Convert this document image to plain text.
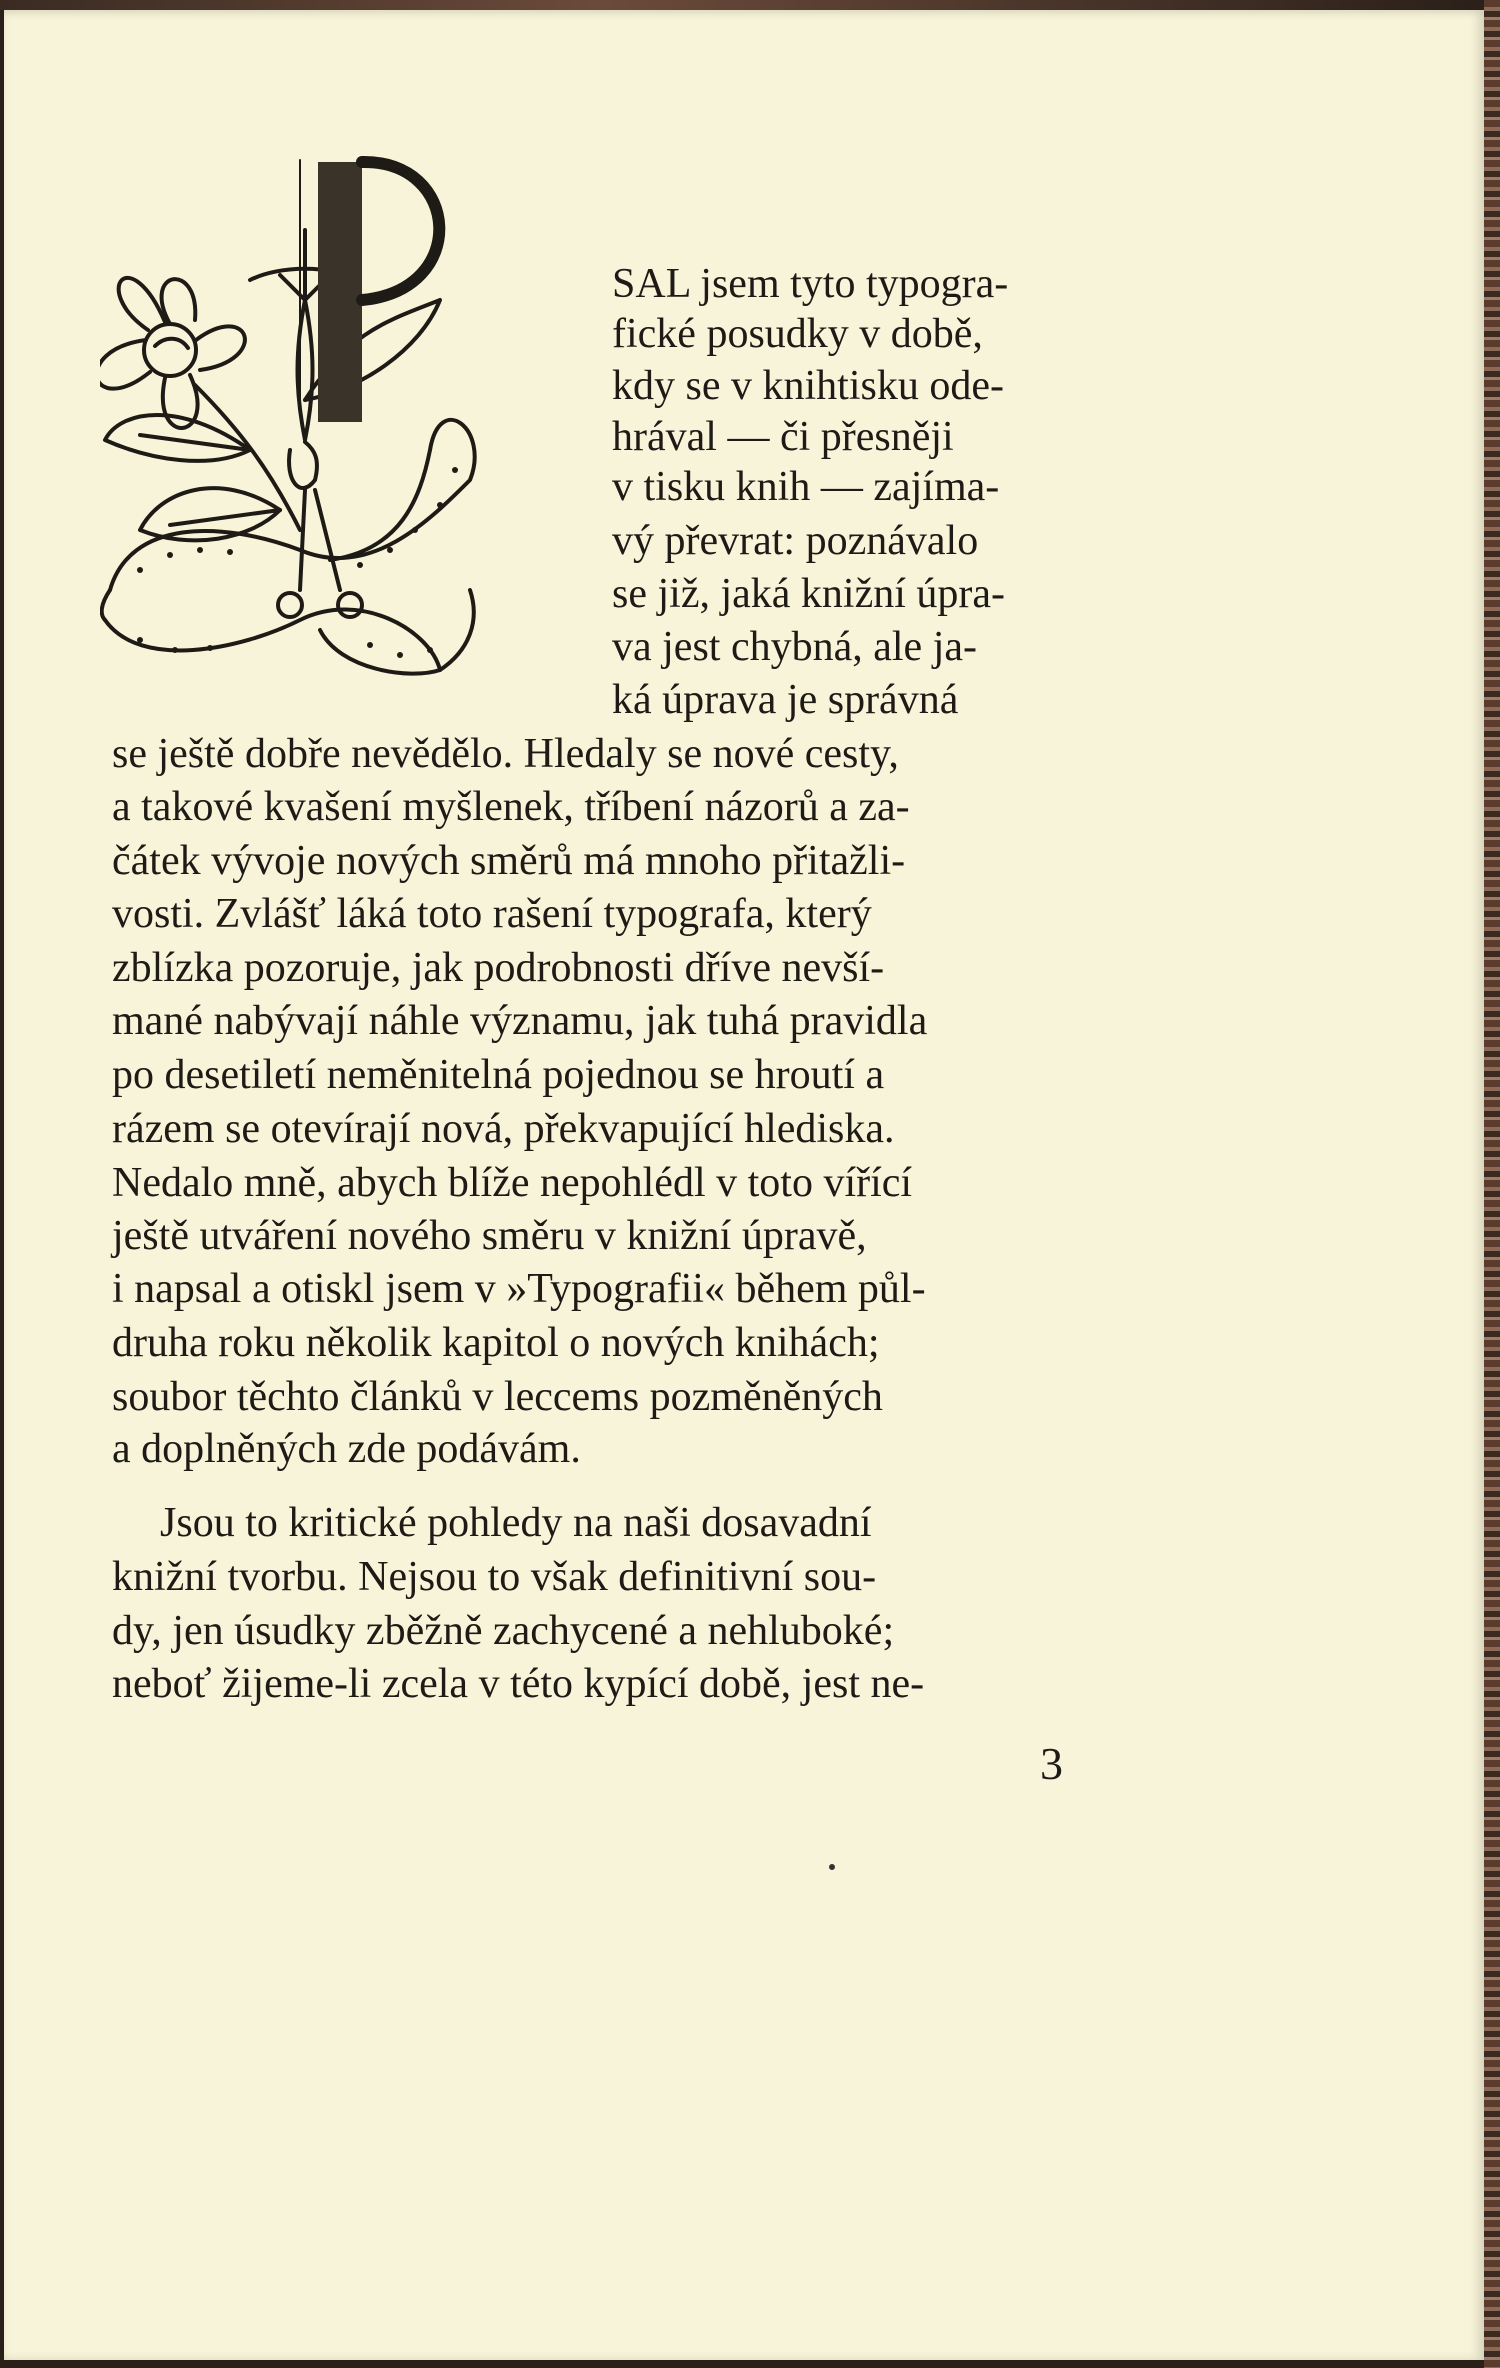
SAL jsem tyto typogra-
fické posudky v době,
kdy se v knihtisku ode-
hrával — či přesněji
v tisku knih — zajíma-
vý převrat: poznávalo
se již, jaká knižní úpra-
va jest chybná, ale ja-
ká úprava je správná
se ještě dobře nevědělo. Hledaly se nové cesty,
a takové kvašení myšlenek, tříbení názorů a za-
čátek vývoje nových směrů má mnoho přitažli-
vosti. Zvlášť láká toto rašení typografa, který
zblízka pozoruje, jak podrobnosti dříve nevší-
mané nabývají náhle významu, jak tuhá pravidla
po desetiletí neměnitelná pojednou se hroutí a
rázem se otevírají nová, překvapující hlediska.
Nedalo mně, abych blíže nepohlédl v toto vířící
ještě utváření nového směru v knižní úpravě,
i napsal a otiskl jsem v »Typografii« během půl-
druha roku několik kapitol o nových knihách;
soubor těchto článků v leccems pozměněných
a doplněných zde podávám.
Jsou to kritické pohledy na naši dosavadní
knižní tvorbu. Nejsou to však definitivní sou-
dy, jen úsudky zběžně zachycené a nehluboké;
neboť žijeme-li zcela v této kypící době, jest ne-
3
